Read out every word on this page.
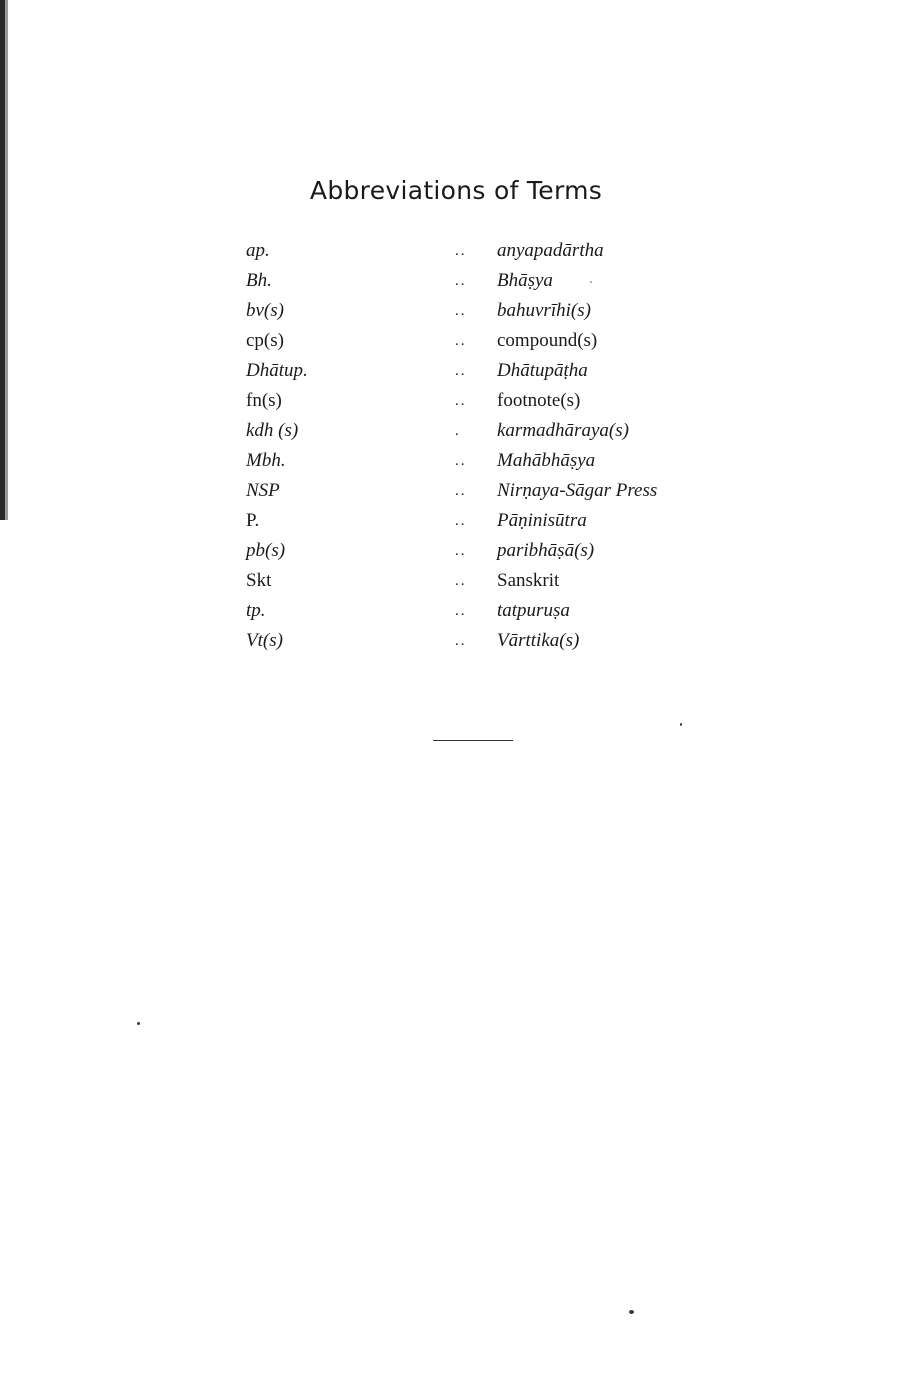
Abbreviations of Terms
ap.	.. anyapadārtha
Bh.	.. Bhāṣya
bv(s)	.. bahuvrīhi(s)
cp(s)	.. compound(s)
Dhātup.	.. Dhātupāṭha
fn(s)	.. footnote(s)
kdh (s)	. karmadhāraya(s)
Mbh.	.. Mahābhāṣya
NSP	.. Nirṇaya-Sāgar Press
P.	.. Pāṇinisūtra
pb(s)	.. paribhāṣā(s)
Skt	.. Sanskrit
tp.	.. tatpuruṣa
Vt(s)	.. Vārttika(s)
